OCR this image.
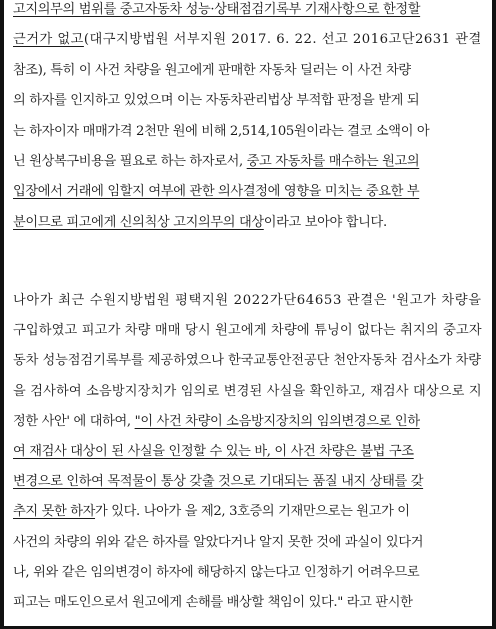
고지의무의 범위를 중고자동차 성능·상태점검기록부 기재사항으로 한정할
근거가 없고(대구지방법원 서부지원 2017. 6. 22. 선고 2016고단2631 관결
참조), 특히 이 사건 차량을 원고에게 판매한 자동차 딜러는 이 사건 차량
의 하자를 인지하고 있었으며 이는 자동차관리법상 부적합 판정을 받게 되
는 하자이자 매매가격 2천만 원에 비해 2,514,105원이라는 결코 소액이 아
닌 원상복구비용을 필요로 하는 하자로서, 중고 자동차를 매수하는 원고의
입장에서 거래에 임할지 여부에 관한 의사결정에 영향을 미치는 중요한 부
분이므로 피고에게 신의칙상 고지의무의 대상이라고 보아야 합니다.
나아가 최근 수원지방법원 평택지원 2022가단64653 관결은 '원고가 차량을
구입하였고 피고가 차량 매매 당시 원고에게 차량에 튜닝이 없다는 취지의 중고자
동차 성능점검기록부를 제공하였으나 한국교통안전공단 천안자동차 검사소가 차량
을 검사하여 소음방지장치가 임의로 변경된 사실을 확인하고, 재검사 대상으로 지
정한 사안' 에 대하여, "이 사건 차량이 소음방지장치의 임의변경으로 인하
여 재검사 대상이 된 사실을 인정할 수 있는 바, 이 사건 차량은 불법 구조
변경으로 인하여 목적물이 통상 갖출 것으로 기대되는 품질 내지 상태를 갖
추지 못한 하자가 있다. 나아가 을 제2, 3호증의 기재만으로는 원고가 이
사건의 차량의 위와 같은 하자를 알았다거나 알지 못한 것에 과실이 있다거
나, 위와 같은 임의변경이 하자에 해당하지 않는다고 인정하기 어려우므로
피고는 매도인으로서 원고에게 손해를 배상할 책임이 있다." 라고 판시한
